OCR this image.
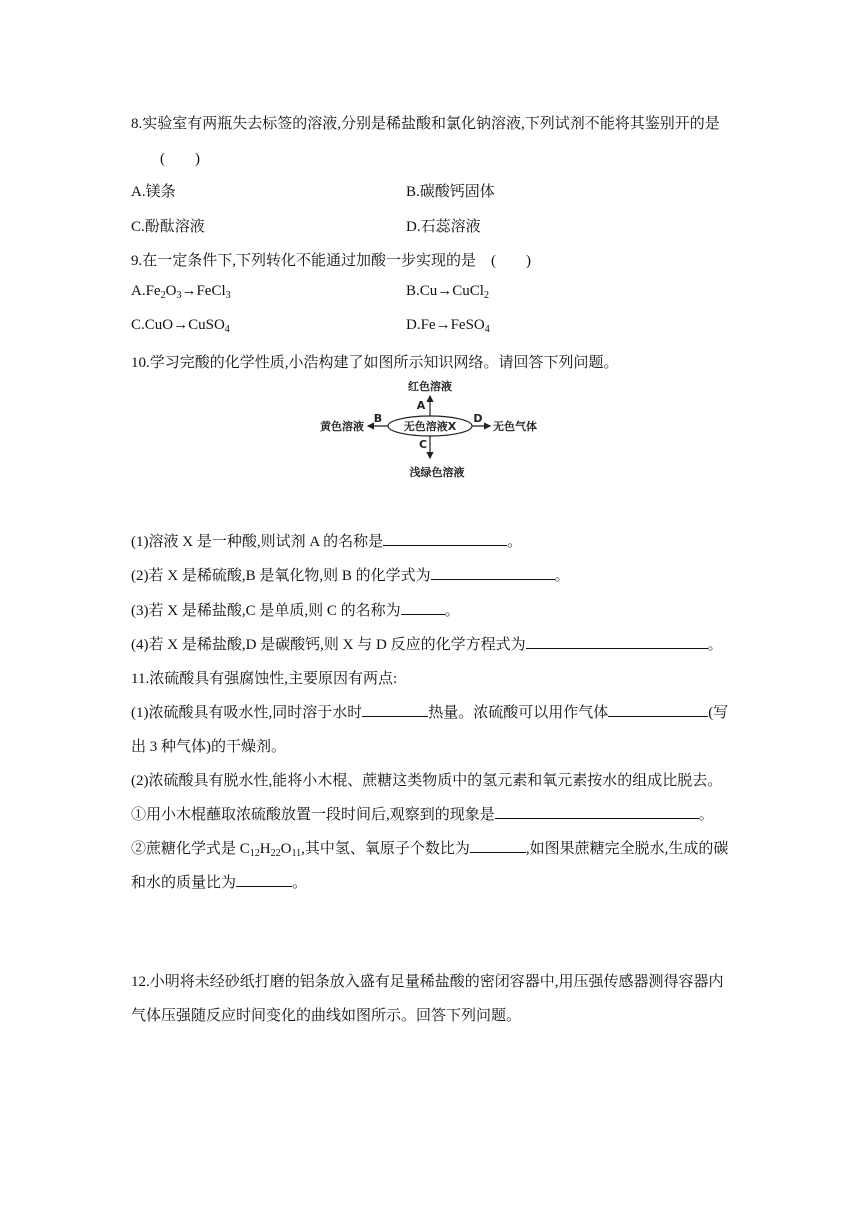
8.实验室有两瓶失去标签的溶液,分别是稀盐酸和氯化钠溶液,下列试剂不能将其鉴别开的是
(　　)
A.镁条	B.碳酸钙固体
C.酚酞溶液	D.石蕊溶液
9.在一定条件下,下列转化不能通过加酸一步实现的是　(　　)
$A.Fe_2O_3\to FeCl_3$	B.Cu→CuCl$_2$
C.CuO→CuSO$_4$	D.Fe→FeSO$_4$
10.学习完酸的化学性质,小浩构建了如图所示知识网络。请回答下列问题。
红色溶液
A
无色溶液X
黄色溶液
B	D
无色气体
C
浅绿色溶液
(1)溶液 X 是一种酸,则试剂 A 的名称是	。
(2)若 X 是稀硫酸,B 是氧化物,则 B 的化学式为	。
(3)若 X 是稀盐酸,C 是单质,则 C 的名称为	。
(4)若 X 是稀盐酸,D 是碳酸钙,则 X 与 D 反应的化学方程式为	。
11.浓硫酸具有强腐蚀性,主要原因有两点:
(1)浓硫酸具有吸水性,同时溶于水时	热量。浓硫酸可以用作气体	(写
出 3 种气体)的干燥剂。
(2)浓硫酸具有脱水性,能将小木棍、蔗糖这类物质中的氢元素和氧元素按水的组成比脱去。
①用小木棍蘸取浓硫酸放置一段时间后,观察到的现象是	。
②蔗糖化学式是 $C_{12}H_{22}O_{11}$,其中氢、氧原子个数比为	,如图果蔗糖完全脱水,生成的碳
和水的质量比为	。
12.小明将未经砂纸打磨的铝条放入盛有足量稀盐酸的密闭容器中,用压强传感器测得容器内
气体压强随反应时间变化的曲线如图所示。回答下列问题。
